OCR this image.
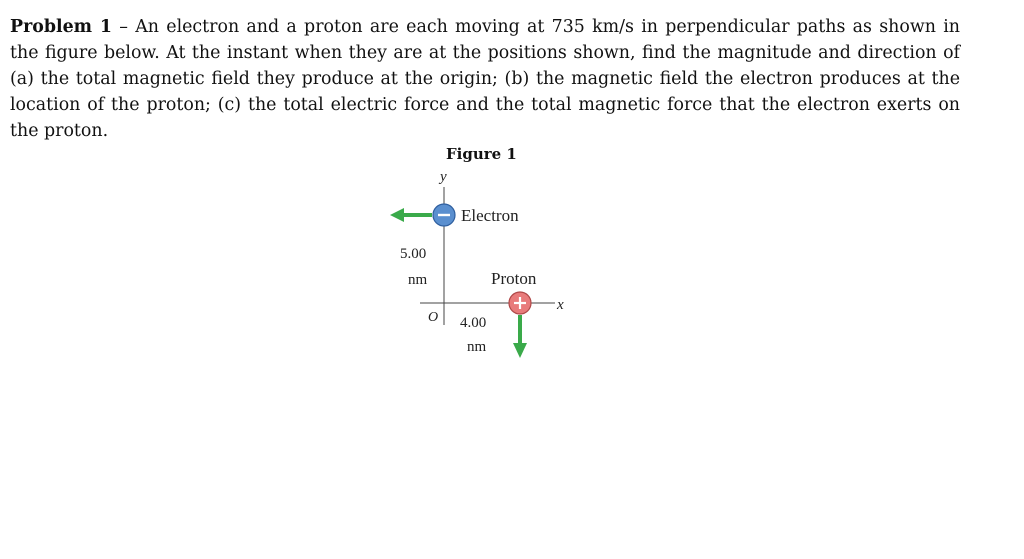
Problem 1 – An electron and a proton are each moving at 735 km/s in perpendicular paths as shown in the figure below. At the instant when they are at the positions shown, find the magnitude and direction of (a) the total magnetic field they produce at the origin; (b) the magnetic field the electron produces at the location of the proton; (c) the total electric force and the total magnetic force that the electron exerts on the proton.

Figure 1
y
x
O
Electron
5.00
nm	Proton
4.00
nm
